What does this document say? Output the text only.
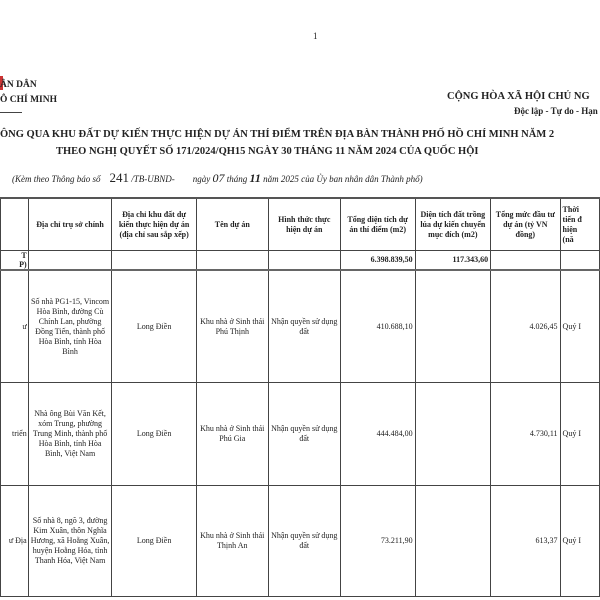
1
ÂN DÂN
Ô CHÍ MINH	CỘNG HÒA XÃ HỘI CHỦ NG
Độc lập - Tự do - Hạn
ÔNG QUA KHU ĐẤT DỰ KIẾN THỰC HIỆN DỰ ÁN THÍ ĐIỂM TRÊN ĐỊA BÀN THÀNH PHỐ HỒ CHÍ MINH NĂM 2
THEO NGHỊ QUYẾT SỐ 171/2024/QH15 NGÀY 30 THÁNG 11 NĂM 2024 CỦA QUỐC HỘI
(Kèm theo Thông báo số 241 /TB-UBND- ngày 07 tháng 11 năm 2025 của Ủy ban nhân dân Thành phố)
	Địa chỉ trụ sở chính	Địa chỉ khu đất dự kiến thực hiện dự án (địa chỉ sau sắp xếp)	Tên dự án	Hình thức thực hiện dự án	Tổng diện tích dự án thí điểm (m2)	Diện tích đất trồng lúa dự kiến chuyển mục đích (m2)	Tổng mức đầu tư dự án (tỷ VN đồng)	Thời
tiến đ
hiện
(nă
T
P)					6.398.839,50	117.343,60		
ư	Số nhà PG1-15, Vincom Hòa Bình, đường Cù Chính Lan, phường Đồng Tiến, thành phố Hòa Bình, tỉnh Hòa Bình	Long Điền	Khu nhà ở Sinh thái Phú Thịnh	Nhận quyền sử dụng đất	410.688,10		4.026,45	Quý I
triển	Nhà ông Bùi Văn Kết, xóm Trung, phường Trung Minh, thành phố Hòa Bình, tỉnh Hòa Bình, Việt Nam	Long Điền	Khu nhà ở Sinh thái Phú Gia	Nhận quyền sử dụng đất	444.484,00		4.730,11	Quý I
ư Địa	Số nhà 8, ngõ 3, đường Kim Xuân, thôn Nghĩa Hương, xã Hoằng Xuân, huyện Hoằng Hóa, tỉnh Thanh Hóa, Việt Nam	Long Điền	Khu nhà ở Sinh thái Thịnh An	Nhận quyền sử dụng đất	73.211,90		613,37	Quý I
